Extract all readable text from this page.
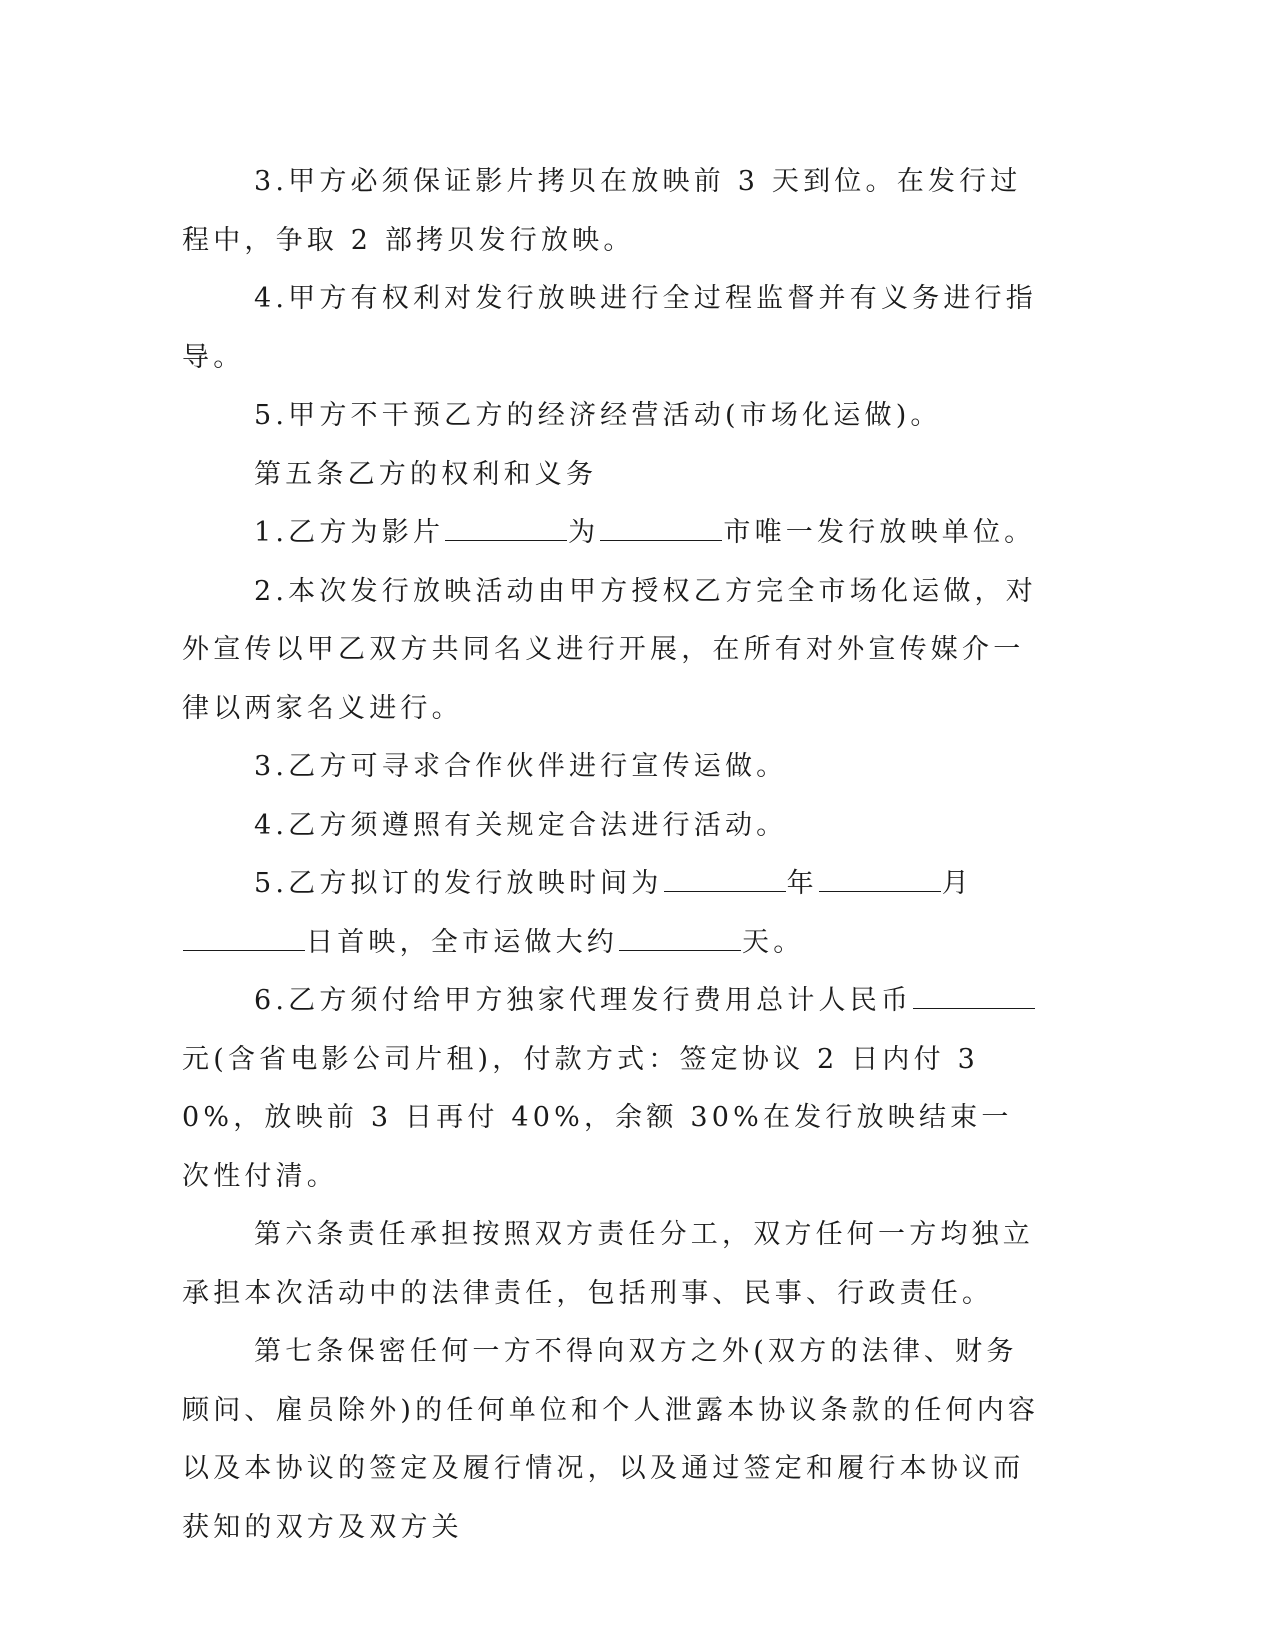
3.甲方必须保证影片拷贝在放映前 3 天到位。在发行过程中，争取 2 部拷贝发行放映。

4.甲方有权利对发行放映进行全过程监督并有义务进行指导。

5.甲方不干预乙方的经济经营活动(市场化运做)。

第五条乙方的权利和义务

1.乙方为影片	为	市唯一发行放映单位。

2.本次发行放映活动由甲方授权乙方完全市场化运做，对外宣传以甲乙双方共同名义进行开展，在所有对外宣传媒介一律以两家名义进行。

3.乙方可寻求合作伙伴进行宣传运做。

4.乙方须遵照有关规定合法进行活动。

5.乙方拟订的发行放映时间为	年	月日首映，全市运做大约	天。

6.乙方须付给甲方独家代理发行费用总计人民币元(含省电影公司片租)，付款方式：签定协议 2 日内付 30%，放映前 3 日再付 40%，余额 30%在发行放映结束一次性付清。

第六条责任承担按照双方责任分工，双方任何一方均独立承担本次活动中的法律责任，包括刑事、民事、行政责任。

第七条保密任何一方不得向双方之外(双方的法律、财务顾问、雇员除外)的任何单位和个人泄露本协议条款的任何内容以及本协议的签定及履行情况，以及通过签定和履行本协议而获知的双方及双方关
